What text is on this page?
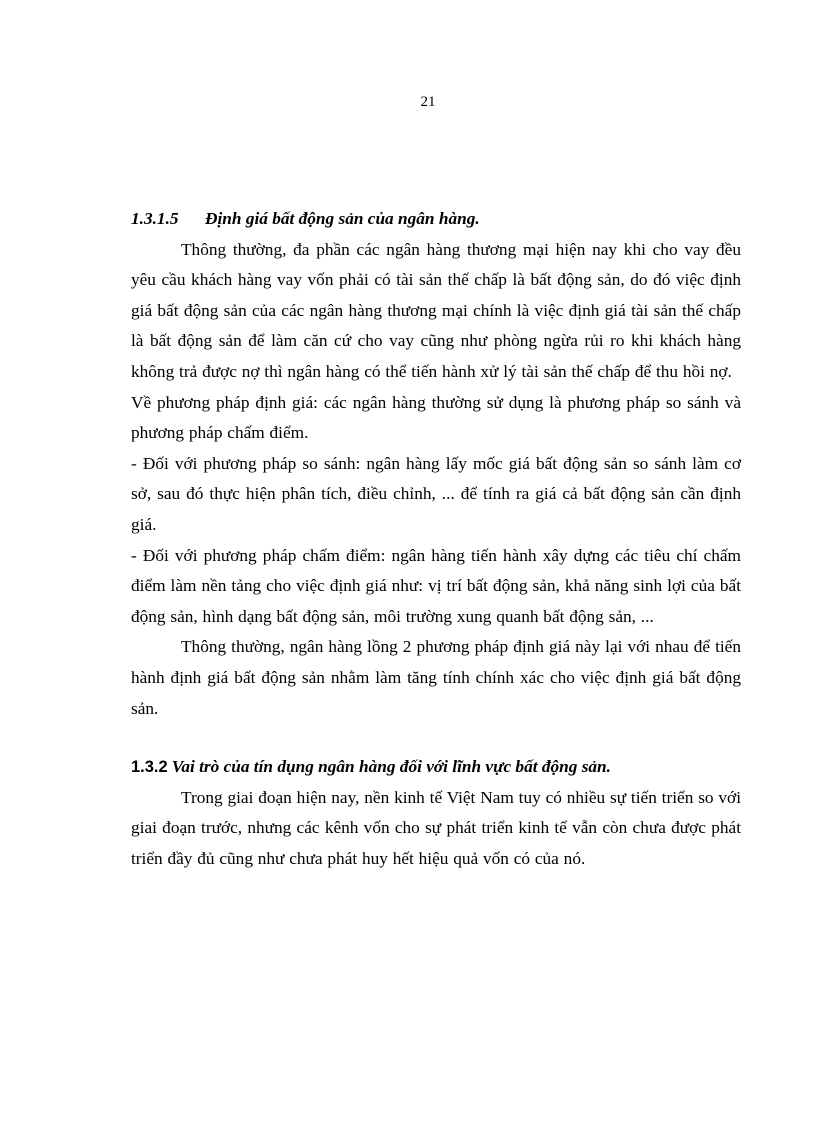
21

1.3.1.5 Định giá bất động sản của ngân hàng.

Thông thường, đa phần các ngân hàng thương mại hiện nay khi cho vay đều yêu cầu khách hàng vay vốn phải có tài sản thế chấp là bất động sản, do đó việc định giá bất động sản của các ngân hàng thương mại chính là việc định giá tài sản thế chấp là bất động sản để làm căn cứ cho vay cũng như phòng ngừa rủi ro khi khách hàng không trả được nợ thì ngân hàng có thể tiến hành xử lý tài sản thế chấp để thu hồi nợ.

Về phương pháp định giá: các ngân hàng thường sử dụng là phương pháp so sánh và phương pháp chấm điểm.

- Đối với phương pháp so sánh: ngân hàng lấy mốc giá bất động sản so sánh làm cơ sở, sau đó thực hiện phân tích, điều chỉnh, ... để tính ra giá cả bất động sản cần định giá.

- Đối với phương pháp chấm điểm: ngân hàng tiến hành xây dựng các tiêu chí chấm điểm làm nền tảng cho việc định giá như: vị trí bất động sản, khả năng sinh lợi của bất động sản, hình dạng bất động sản, môi trường xung quanh bất động sản, ...

Thông thường, ngân hàng lồng 2 phương pháp định giá này lại với nhau để tiến hành định giá bất động sản nhằm làm tăng tính chính xác cho việc định giá bất động sản.

1.3.2 Vai trò của tín dụng ngân hàng đối với lĩnh vực bất động sản.

Trong giai đoạn hiện nay, nền kinh tế Việt Nam tuy có nhiều sự tiến triển so với giai đoạn trước, nhưng các kênh vốn cho sự phát triển kinh tế vẫn còn chưa được phát triển đầy đủ cũng như chưa phát huy hết hiệu quả vốn có của nó.
